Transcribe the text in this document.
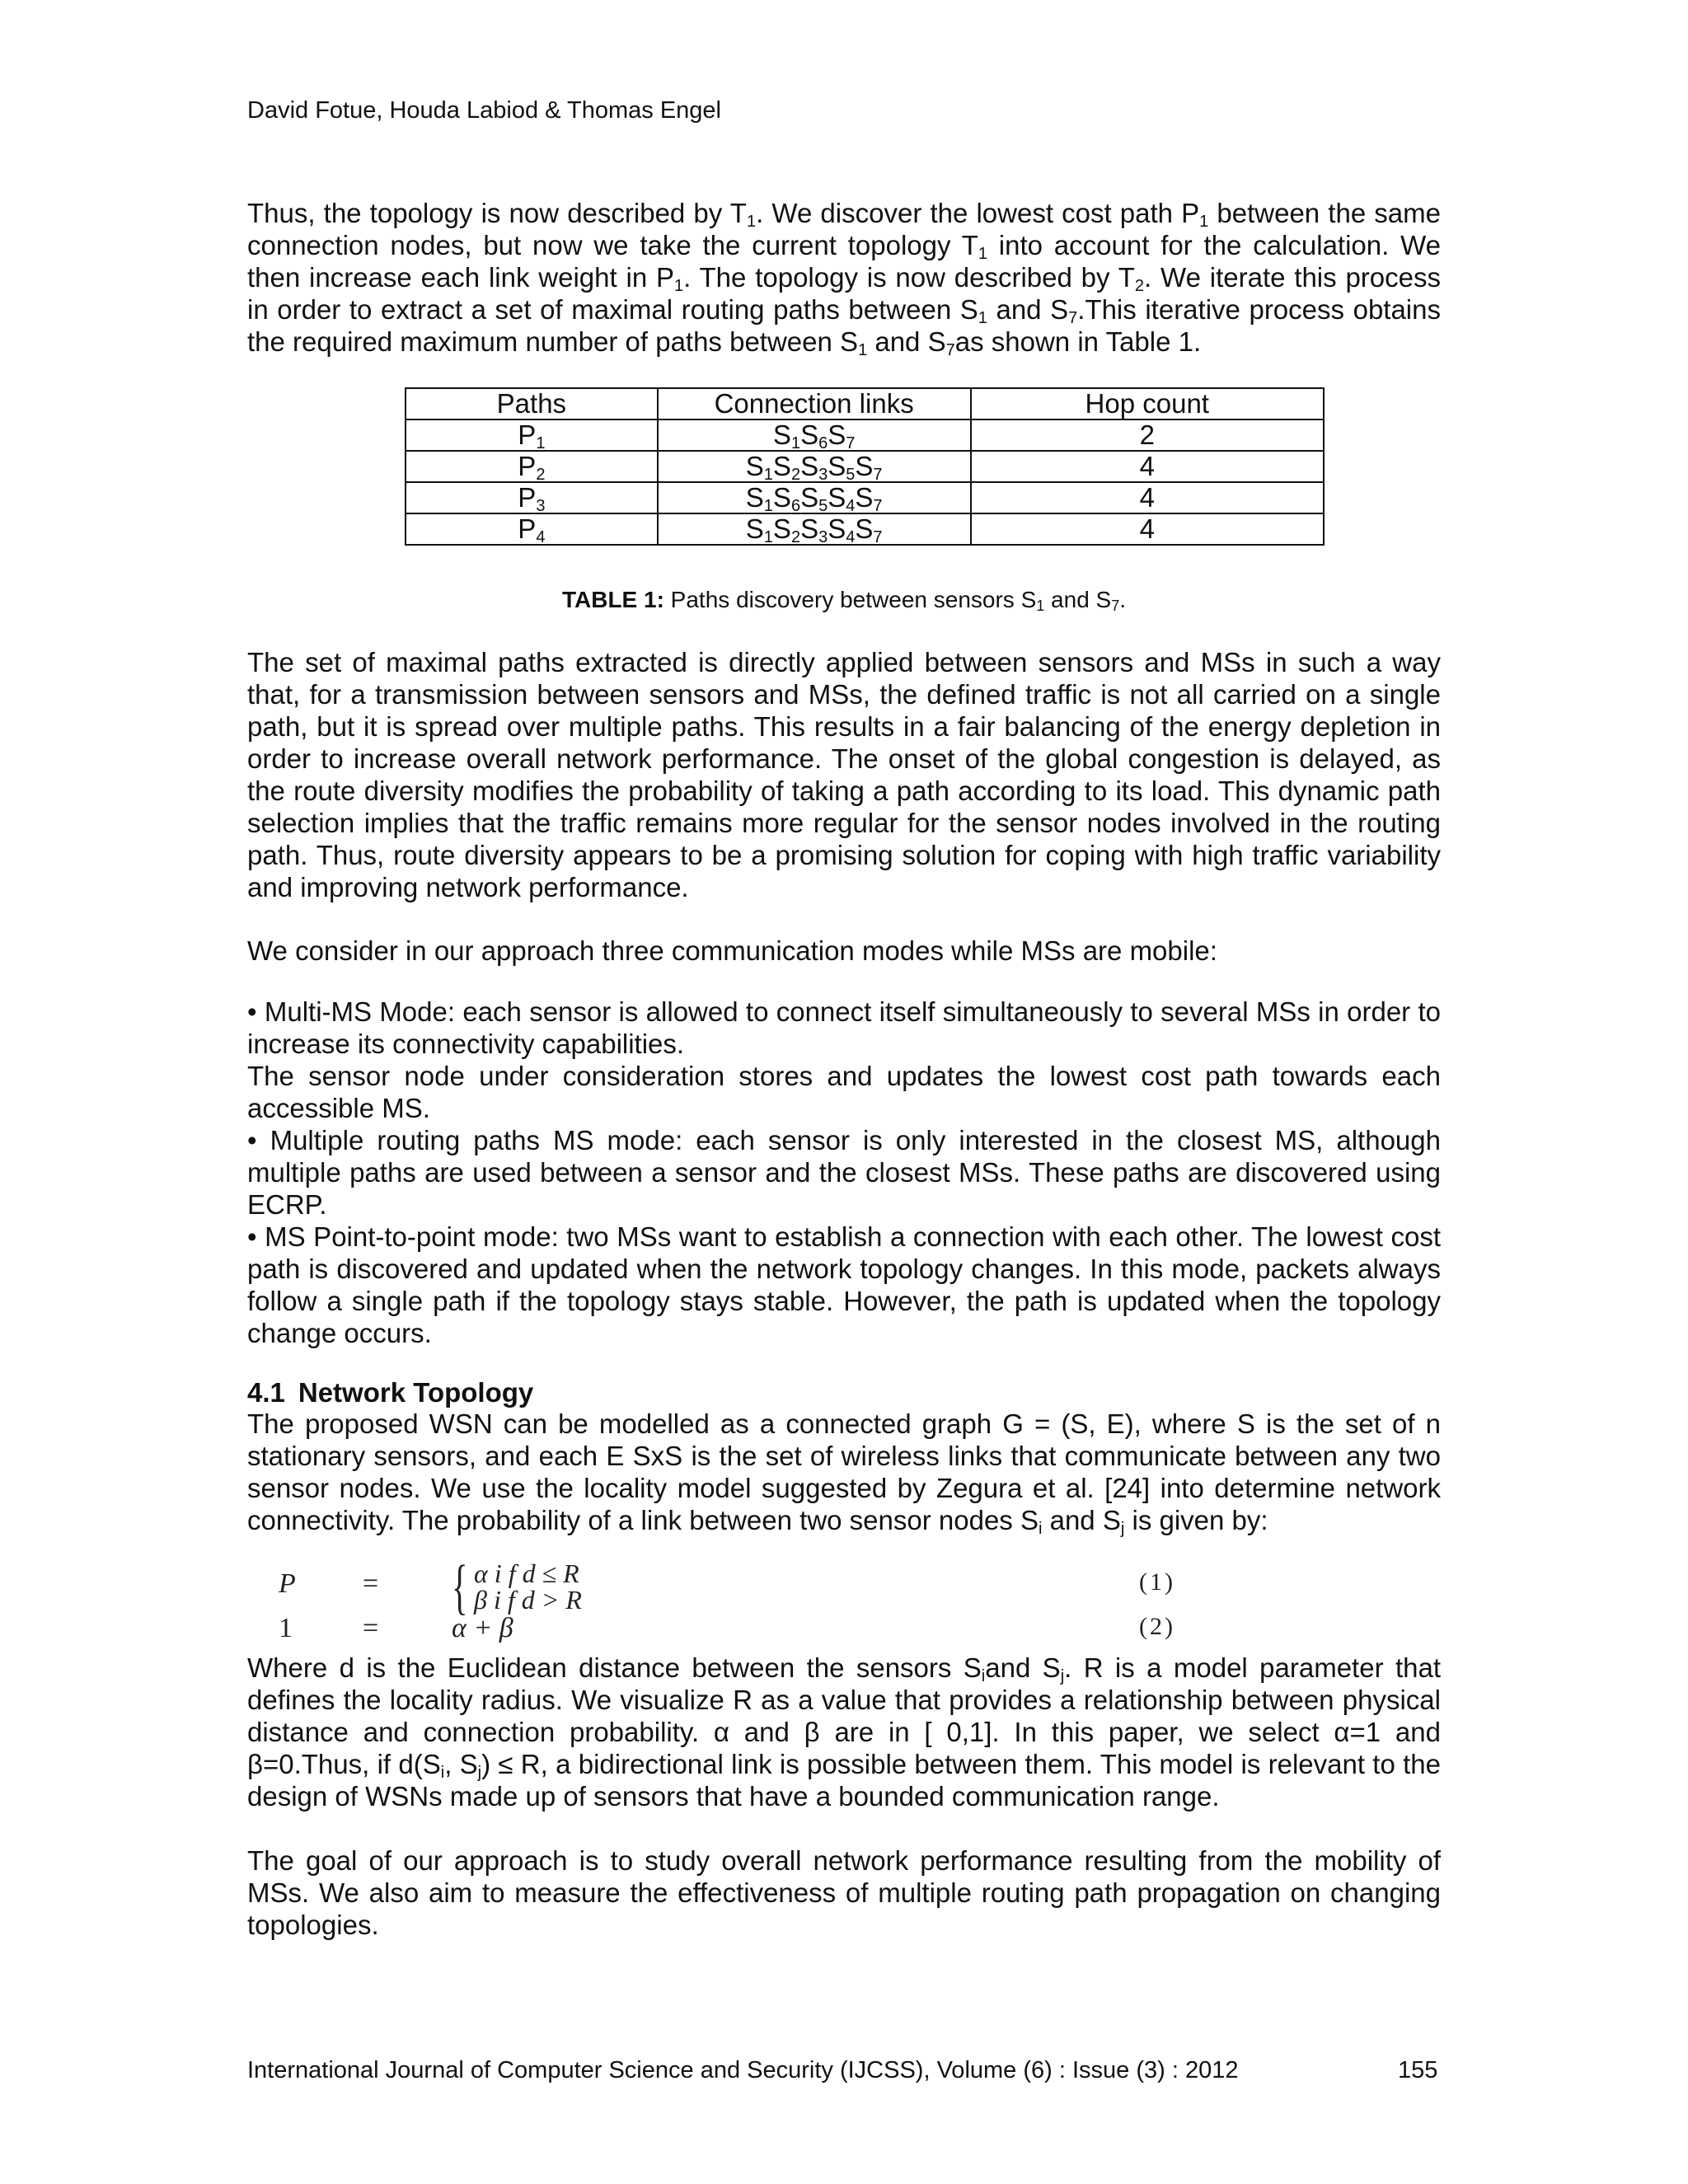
David Fotue, Houda Labiod & Thomas Engel

Thus, the topology is now described by $T_1$. We discover the lowest cost path $P_1$ between the same connection nodes, but now we take the current topology $T_1$ into account for the calculation. We then increase each link weight in $P_1$. The topology is now described by $T_2$. We iterate this process in order to extract a set of maximal routing paths between $S_1$ and $S_7.This$ iterative process obtains the required maximum number of paths between $S_1$ and $S_7as$ shown in Table 1.

Paths	Connection links	Hop count
$P_1$	$S_1S_6S_7$	2
$P_2$	$S_1S_2S_3S_5S_7$	4
$P_3$	$S_1S_6S_5S_4S_7$	4
$P_4$	$S_1S_2S_3S_4S_7$	4
TABLE 1: Paths discovery between sensors $S_1$ and $S_7$.

The set of maximal paths extracted is directly applied between sensors and MSs in such a way that, for a transmission between sensors and MSs, the defined traffic is not all carried on a single path, but it is spread over multiple paths. This results in a fair balancing of the energy depletion in order to increase overall network performance. The onset of the global congestion is delayed, as the route diversity modifies the probability of taking a path according to its load. This dynamic path selection implies that the traffic remains more regular for the sensor nodes involved in the routing path. Thus, route diversity appears to be a promising solution for coping with high traffic variability and improving network performance.

We consider in our approach three communication modes while MSs are mobile:

• Multi-MS Mode: each sensor is allowed to connect itself simultaneously to several MSs in order to increase its connectivity capabilities.
The sensor node under consideration stores and updates the lowest cost path towards each accessible MS.
• Multiple routing paths MS mode: each sensor is only interested in the closest MS, although multiple paths are used between a sensor and the closest MSs. These paths are discovered using ECRP.
• MS Point-to-point mode: two MSs want to establish a connection with each other. The lowest cost path is discovered and updated when the network topology changes. In this mode, packets always follow a single path if the topology stays stable. However, the path is updated when the topology change occurs.
4.1 Network Topology

The proposed WSN can be modelled as a connected graph G = (S, E), where S is the set of n stationary sensors, and each E SxS is the set of wireless links that communicate between any two sensor nodes. We use the locality model suggested by Zegura et al. [24] into determine network connectivity. The probability of a link between two sensor nodes $S_i$ and $S_j$ is given by:

P = { α i f d ≤ R
β i f d > R
(1)
1	=	α + β	(2)

Where d is the Euclidean distance between the sensors $S_iand$ $S_j$. R is a model parameter that defines the locality radius. We visualize R as a value that provides a relationship between physical distance and connection probability. α and β are in [ 0,1]. In this paper, we select α=1 and β=0.Thus, if $d(S_i$, $S_j) \le R$, a bidirectional link is possible between them. This model is relevant to the design of WSNs made up of sensors that have a bounded communication range.

The goal of our approach is to study overall network performance resulting from the mobility of MSs. We also aim to measure the effectiveness of multiple routing path propagation on changing topologies.

International Journal of Computer Science and Security (IJCSS), Volume (6) : Issue (3) : 2012	155
